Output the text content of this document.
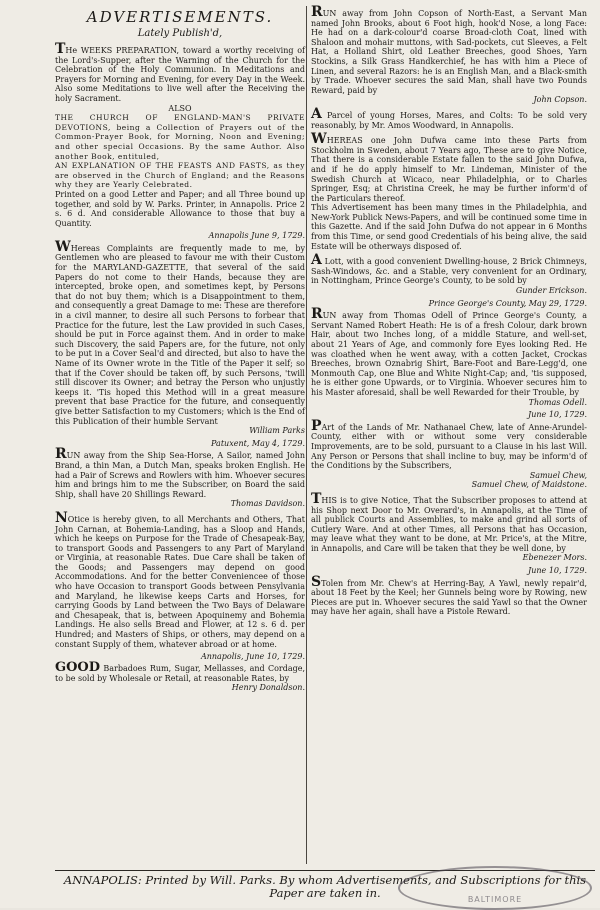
ADVERTISEMENTS.
Lately Publish'd,

THe WEEKS PREPARATION, toward a worthy receiving of the Lord's-Supper, after the Warning of the Church for the Celebration of the Holy Communion. In Meditations and Prayers for Morning and Evening, for every Day in the Week. Also some Meditations to live well after the Receiving the holy Sacrament.

ALSO

THE CHURCH OF ENGLAND-MAN'S PRIVATE DEVOTIONS, being a Collection of Prayers out of the Common-Prayer Book, for Morning, Noon and Evening; and other special Occasions. By the same Author. Also another Book, entituled,

AN EXPLANATION OF THE FEASTS AND FASTS, as they are observed in the Church of England; and the Reasons why they are Yearly Celebrated.

Printed on a good Letter and Paper; and all Three bound up together, and sold by W. Parks. Printer, in Annapolis. Price 2 s. 6 d. And considerable Allowance to those that buy a Quantity.

Annapolis June 9, 1729.

WHereas Complaints are frequently made to me, by Gentlemen who are pleased to favour me with their Custom for the MARYLAND-GAZETTE, that several of the said Papers do not come to their Hands, because they are intercepted, broke open, and sometimes kept, by Persons that do not buy them; which is a Disappointment to them, and consequently a great Damage to me: These are therefore in a civil manner, to desire all such Persons to forbear that Practice for the future, lest the Law provided in such Cases, should be put in Force against them. And in order to make such Discovery, the said Papers are, for the future, not only to be put in a Cover Seal'd and directed, but also to have the Name of its Owner wrote in the Title of the Paper it self; so that if the Cover should be taken off, by such Persons, 'twill still discover its Owner; and betray the Person who unjustly keeps it. 'Tis hoped this Method will in a great measure prevent that base Practice for the future, and consequently give better Satisfaction to my Customers; which is the End of this Publication of their humble Servant

William Parks

Patuxent, May 4, 1729.

RUN away from the Ship Sea-Horse, A Sailor, named John Brand, a thin Man, a Dutch Man, speaks broken English. He had a Pair of Screws and Rowlers with him. Whoever secures him and brings him to me the Subscriber, on Board the said Ship, shall have 20 Shillings Reward.

Thomas Davidson.

NOtice is hereby given, to all Merchants and Others, That John Carnan, at Bohemia-Landing, has a Sloop and Hands, which he keeps on Purpose for the Trade of Chesapeak-Bay, to transport Goods and Passengers to any Part of Maryland or Virginia, at reasonable Rates. Due Care shall be taken of the Goods; and Passengers may depend on good Accommodations. And for the better Conveniencee of those who have Occasion to transport Goods between Pensylvania and Maryland, he likewise keeps Carts and Horses, for carrying Goods by Land between the Two Bays of Delaware and Chesapeak, that is, between Apoquinemy and Bohemia Landings. He also sells Bread and Flower, at 12 s. 6 d. per Hundred; and Masters of Ships, or others, may depend on a constant Supply of them, whatever abroad or at home.

Annapolis, June 10, 1729.

GOOD Barbadoes Rum, Sugar, Mellasses, and Cordage, to be sold by Wholesale or Retail, at reasonable Rates, by

Henry Donaldson.

RUN away from John Copson of North-East, a Servant Man named John Brooks, about 6 Foot high, hook'd Nose, a long Face: He had on a dark-colour'd coarse Broad-cloth Coat, lined with Shaloon and mohair muttons, with Sad-pockets, cut Sleeves, a Felt Hat, a Holland Shirt, old Leather Breeches, good Shoes, Yarn Stockins, a Silk Grass Handkerchief, he has with him a Piece of Linen, and several Razors: he is an English Man, and a Black-smith by Trade. Whoever secures the said Man, shall have two Pounds Reward, paid by

John Copson.

A Parcel of young Horses, Mares, and Colts: To be sold very reasonably, by Mr. Amos Woodward, in Annapolis.

WHEREAS one John Dufwa came into these Parts from Stockholm in Sweden, about 7 Years ago, These are to give Notice, That there is a considerable Estate fallen to the said John Dufwa, and if he do apply himself to Mr. Lindeman, Minister of the Swedish Church at Wicaco, near Philadelphia, or to Charles Springer, Esq; at Christina Creek, he may be further inform'd of the Particulars thereof.

This Advertisement has been many times in the Philadelphia, and New-York Publick News-Papers, and will be continued some time in this Gazette. And if the said John Dufwa do not appear in 6 Months from this Time, or send good Credentials of his being alive, the said Estate will be otherways disposed of.

A Lott, with a good convenient Dwelling-house, 2 Brick Chimneys, Sash-Windows, &c. and a Stable, very convenient for an Ordinary, in Nottingham, Prince George's County, to be sold by

Gunder Erickson.

Prince George's County, May 29, 1729.

RUN away from Thomas Odell of Prince George's County, a Servant Named Robert Heath: He is of a fresh Colour, dark brown Hair, about two Inches long, of a middle Stature, and well-set, about 21 Years of Age, and commonly fore Eyes looking Red. He was cloathed when he went away, with a cotten Jacket, Crockas Breeches, brown Oznabrig Shirt, Bare-Foot and Bare-Legg'd, one Monmouth Cap, one Blue and White Night-Cap; and, 'tis supposed, he is either gone Upwards, or to Virginia. Whoever secures him to his Master aforesaid, shall be well Rewarded for their Trouble, by

Thomas Odell.

June 10, 1729.

PArt of the Lands of Mr. Nathanael Chew, late of Anne-Arundel-County, either with or without some very considerable Improvements, are to be sold, pursuant to a Clause in his last Will. Any Person or Persons that shall incline to buy, may be inform'd of the Conditions by the Subscribers,

Samuel Chew,

Samuel Chew, of Maidstone.

THIS is to give Notice, That the Subscriber proposes to attend at his Shop next Door to Mr. Overard's, in Annapolis, at the Time of all publick Courts and Assemblies, to make and grind all sorts of Cutlery Ware. And at other Times, all Persons that has Occasion, may leave what they want to be done, at Mr. Price's, at the Mitre, in Annapolis, and Care will be taken that they be well done, by

Ebenezer Mors.

June 10, 1729.

STolen from Mr. Chew's at Herring-Bay, A Yawl, newly repair'd, about 18 Feet by the Keel; her Gunnels being wore by Rowing, new Pieces are put in. Whoever secures the said Yawl so that the Owner may have her again, shall have a Pistole Reward.

ANNAPOLIS: Printed by Will. Parks. By whom Advertisements, and Subscriptions for this Paper are taken in.	BALTIMORE
